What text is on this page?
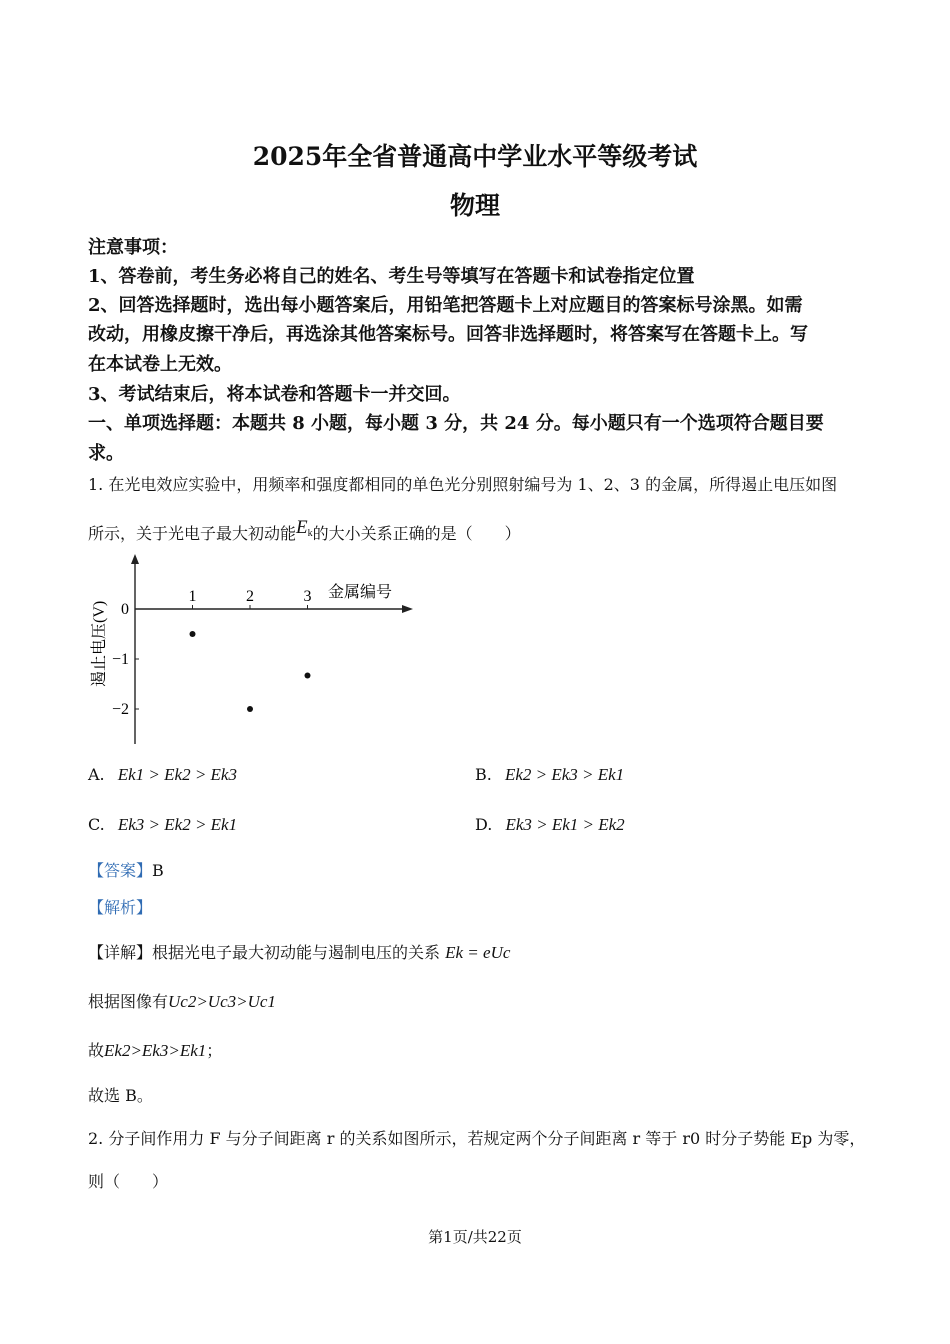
2025年全省普通高中学业水平等级考试
物理
注意事项：
1、答卷前，考生务必将自己的姓名、考生号等填写在答题卡和试卷指定位置
2、回答选择题时，选出每小题答案后，用铅笔把答题卡上对应题目的答案标号涂黑。如需
改动，用橡皮擦干净后，再选涂其他答案标号。回答非选择题时，将答案写在答题卡上。写
在本试卷上无效。
3、考试结束后，将本试卷和答题卡一并交回。
一、单项选择题：本题共 8 小题，每小题 3 分，共 24 分。每小题只有一个选项符合题目要
求。
1. 在光电效应实验中，用频率和强度都相同的单色光分别照射编号为 1、2、3 的金属，所得遏止电压如图
所示，关于光电子最大初动能$E_k$的大小关系正确的是（　　）
1	2	3
0
−1
−2
金属编号
遏止电压(V)
A. Ek1 > Ek2 > Ek3	B. Ek2 > Ek3 > Ek1
C. Ek3 > Ek2 > Ek1	D. Ek3 > Ek1 > Ek2
【答案】B
【解析】
【详解】根据光电子最大初动能与遏制电压的关系 Ek = eUc
根据图像有Uc2>Uc3>Uc1
故Ek2>Ek3>Ek1；
故选 B。
2. 分子间作用力 F 与分子间距离 r 的关系如图所示，若规定两个分子间距离 r 等于 r0 时分子势能 Ep 为零，
则（　　）
第1页/共22页
